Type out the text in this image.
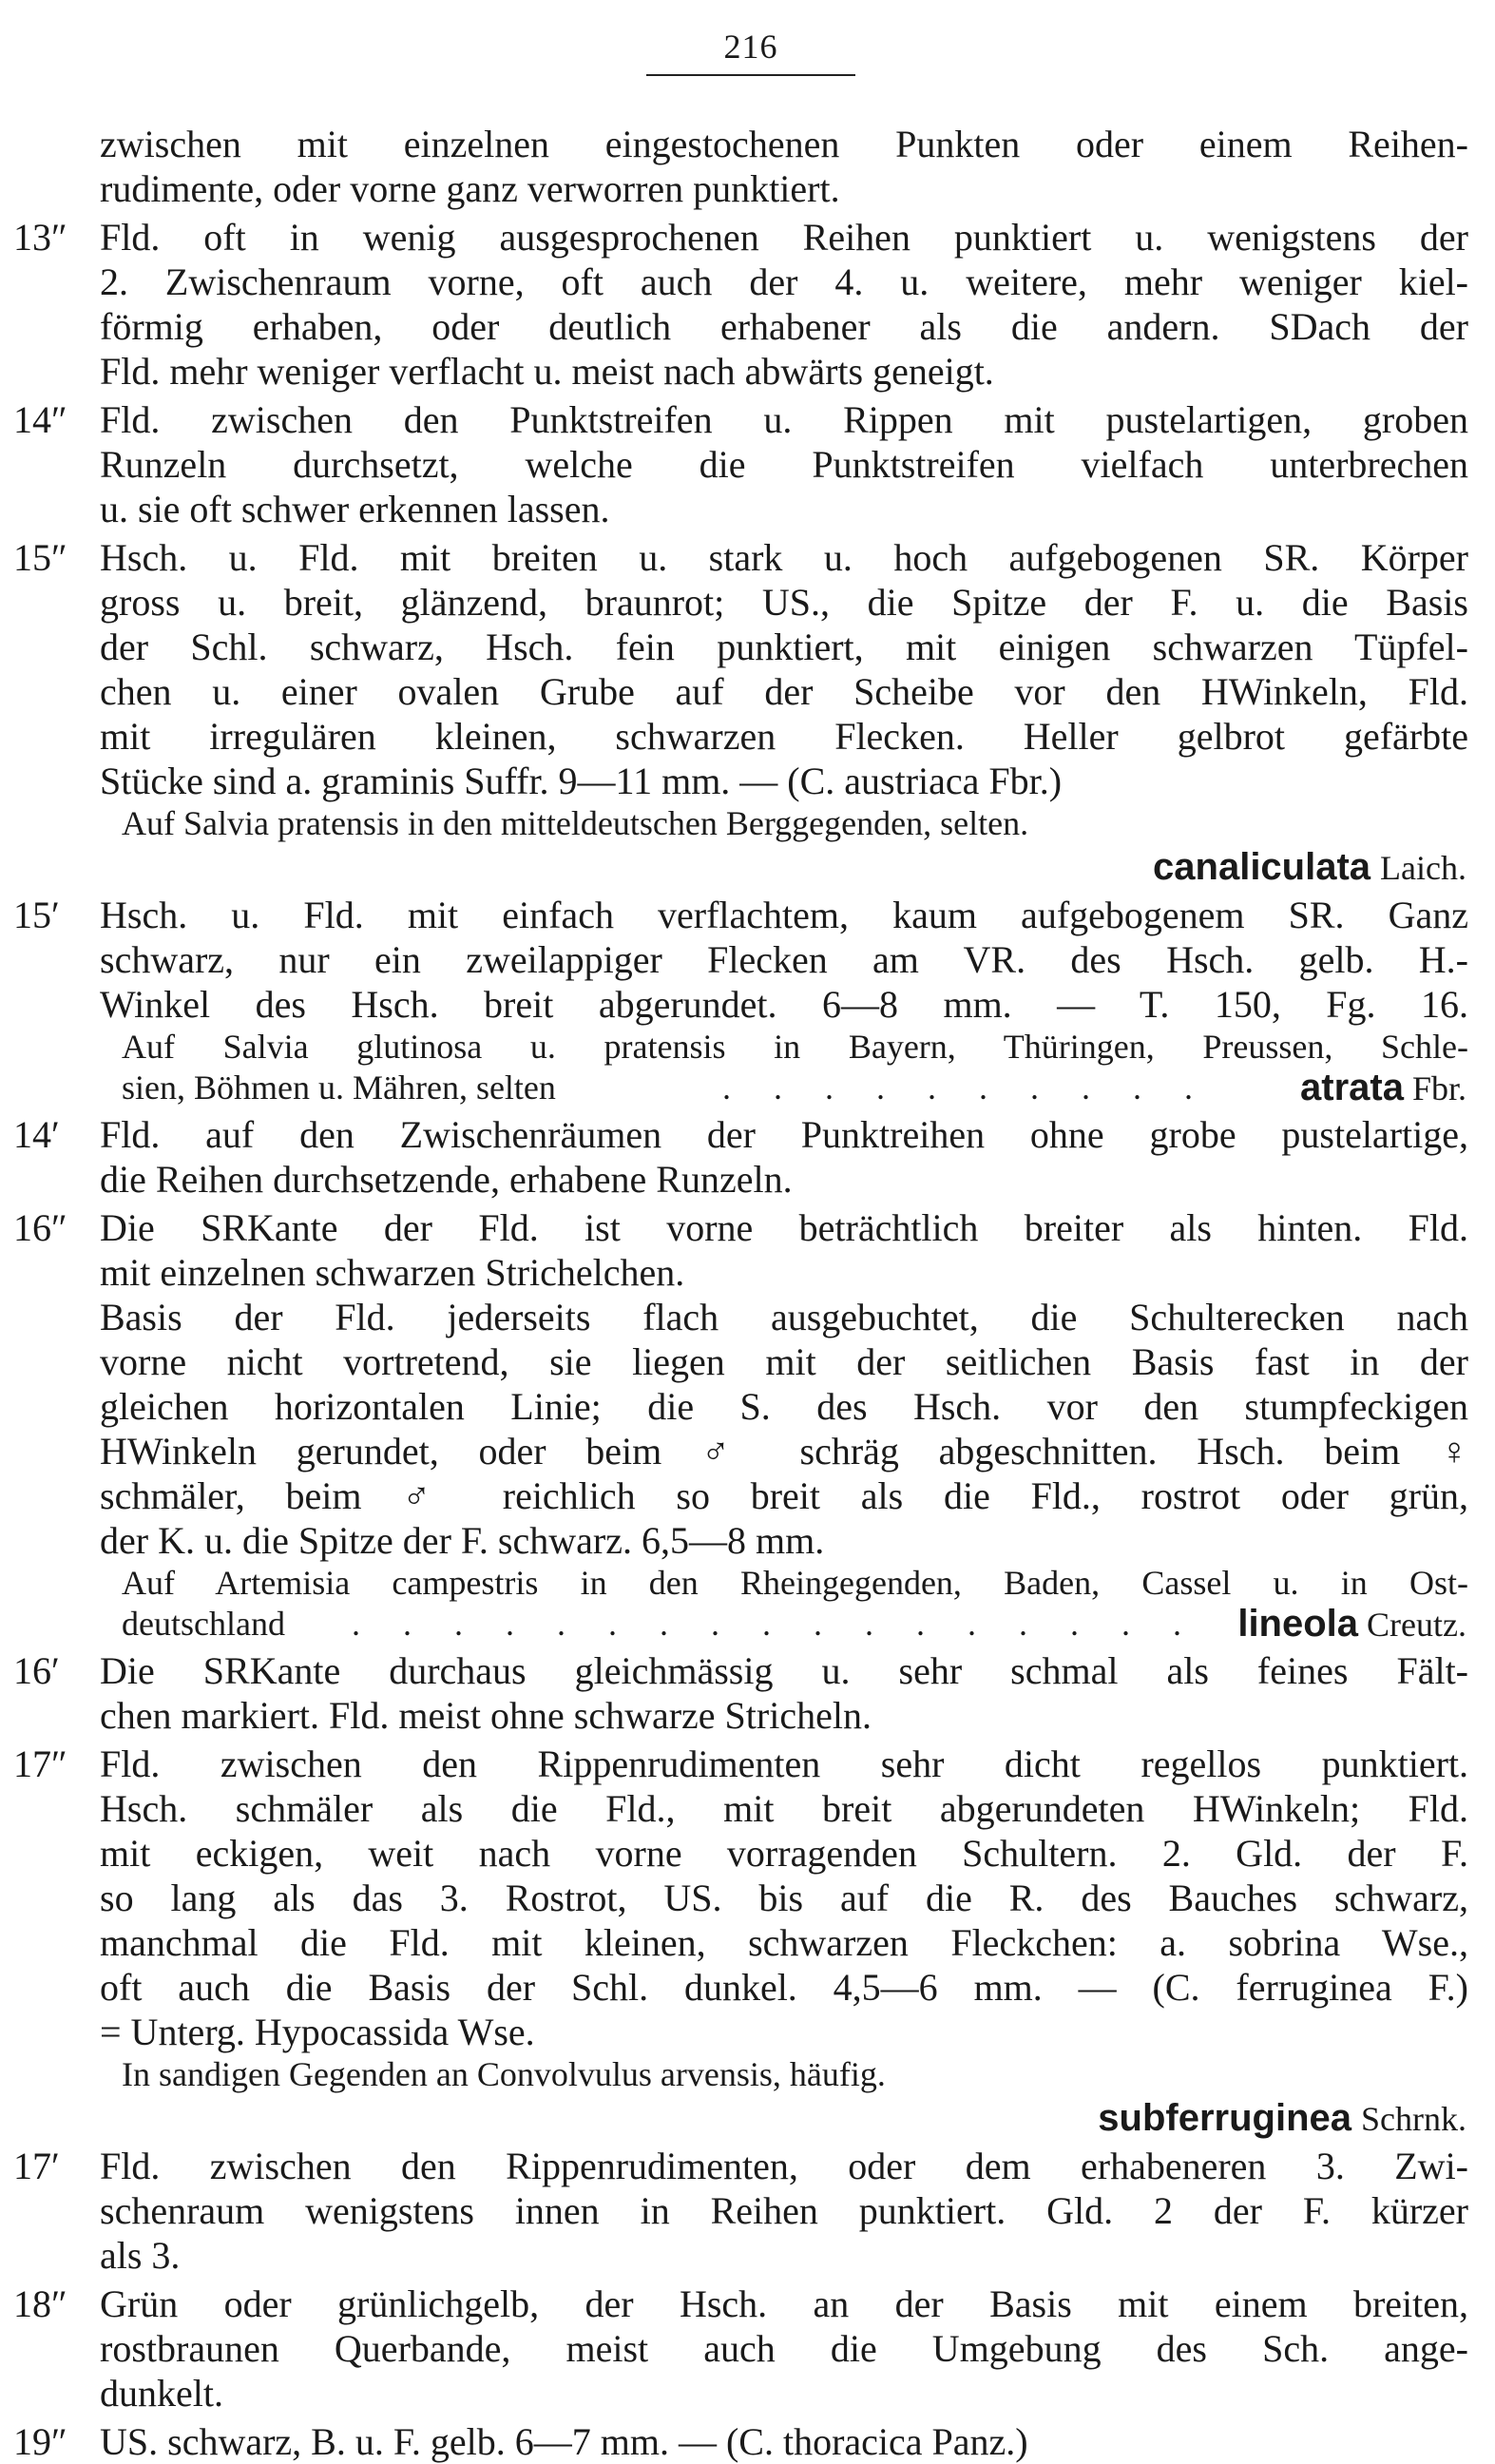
216
zwischen mit einzelnen eingestochenen Punkten oder einem Reihen-
rudimente, oder vorne ganz verworren punktiert.
13″ Fld. oft in wenig ausgesprochenen Reihen punktiert u. wenigstens der
2. Zwischenraum vorne, oft auch der 4. u. weitere, mehr weniger kiel-
förmig erhaben, oder deutlich erhabener als die andern. SDach der
Fld. mehr weniger verflacht u. meist nach abwärts geneigt.
14″ Fld. zwischen den Punktstreifen u. Rippen mit pustelartigen, groben
Runzeln durchsetzt, welche die Punktstreifen vielfach unterbrechen
u. sie oft schwer erkennen lassen.
15″ Hsch. u. Fld. mit breiten u. stark u. hoch aufgebogenen SR. Körper
gross u. breit, glänzend, braunrot; US., die Spitze der F. u. die Basis
der Schl. schwarz, Hsch. fein punktiert, mit einigen schwarzen Tüpfel-
chen u. einer ovalen Grube auf der Scheibe vor den HWinkeln, Fld.
mit irregulären kleinen, schwarzen Flecken. Heller gelbrot gefärbte
Stücke sind a. graminis Suffr. 9—11 mm. — (C. austriaca Fbr.)
Auf Salvia pratensis in den mitteldeutschen Berggegenden, selten.
canaliculata Laich.
15′ Hsch. u. Fld. mit einfach verflachtem, kaum aufgebogenem SR. Ganz
schwarz, nur ein zweilappiger Flecken am VR. des Hsch. gelb. H.-
Winkel des Hsch. breit abgerundet. 6—8 mm. — T. 150, Fg. 16.
Auf Salvia glutinosa u. pratensis in Bayern, Thüringen, Preussen, Schle-
sien, Böhmen u. Mähren, selten	. . . . . . . . . . atrata Fbr.
14′ Fld. auf den Zwischenräumen der Punktreihen ohne grobe pustelartige,
die Reihen durchsetzende, erhabene Runzeln.
16″ Die SRKante der Fld. ist vorne beträchtlich breiter als hinten. Fld.
mit einzelnen schwarzen Strichelchen.
Basis der Fld. jederseits flach ausgebuchtet, die Schulterecken nach
vorne nicht vortretend, sie liegen mit der seitlichen Basis fast in der
gleichen horizontalen Linie; die S. des Hsch. vor den stumpfeckigen
HWinkeln gerundet, oder beim ♂ schräg abgeschnitten. Hsch. beim ♀
schmäler, beim ♂ reichlich so breit als die Fld., rostrot oder grün,
der K. u. die Spitze der F. schwarz. 6,5—8 mm.
Auf Artemisia campestris in den Rheingegenden, Baden, Cassel u. in Ost-
deutschland	. . . . . . . . . . . . . . . . . lineola Creutz.
16′ Die SRKante durchaus gleichmässig u. sehr schmal als feines Fält-
chen markiert. Fld. meist ohne schwarze Stricheln.
17″ Fld. zwischen den Rippenrudimenten sehr dicht regellos punktiert.
Hsch. schmäler als die Fld., mit breit abgerundeten HWinkeln; Fld.
mit eckigen, weit nach vorne vorragenden Schultern. 2. Gld. der F.
so lang als das 3. Rostrot, US. bis auf die R. des Bauches schwarz,
manchmal die Fld. mit kleinen, schwarzen Fleckchen: a. sobrina Wse.,
oft auch die Basis der Schl. dunkel. 4,5—6 mm. — (C. ferruginea F.)
= Unterg. Hypocassida Wse.
In sandigen Gegenden an Convolvulus arvensis, häufig.
subferruginea Schrnk.
17′ Fld. zwischen den Rippenrudimenten, oder dem erhabeneren 3. Zwi-
schenraum wenigstens innen in Reihen punktiert. Gld. 2 der F. kürzer
als 3.
18″ Grün oder grünlichgelb, der Hsch. an der Basis mit einem breiten,
rostbraunen Querbande, meist auch die Umgebung des Sch. ange-
dunkelt.
19″ US. schwarz, B. u. F. gelb. 6—7 mm. — (C. thoracica Panz.)
